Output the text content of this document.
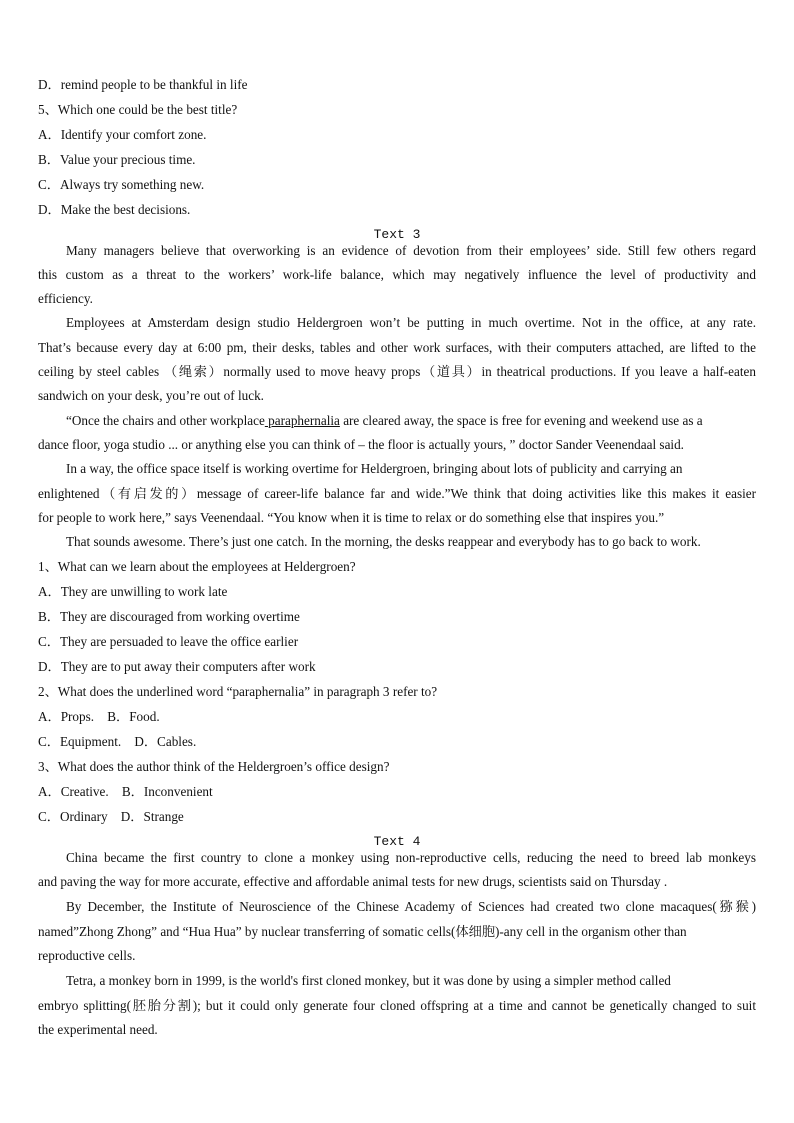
D．remind people to be thankful in life
5、Which one could be the best title?
A．Identify your comfort zone.
B．Value your precious time.
C．Always try something new.
D．Make the best decisions.
Text 3
Many managers believe that overworking is an evidence of devotion from their employees’ side. Still few others regard
this custom as a threat to the workers’ work-life balance, which may negatively influence the level of productivity and
efficiency.
Employees at Amsterdam design studio Heldergroen won’t be putting in much overtime. Not in the office, at any rate.
That’s because every day at 6:00 pm, their desks, tables and other work surfaces, with their computers attached, are lifted to the
ceiling by steel cables （绳索）normally used to move heavy props（道具）in theatrical productions. If you leave a half-eaten
sandwich on your desk, you’re out of luck.
“Once the chairs and other workplace paraphernalia are cleared away, the space is free for evening and weekend use as a
dance floor, yoga studio ... or anything else you can think of – the floor is actually yours, ” doctor Sander Veenendaal said.
In a way, the office space itself is working overtime for Heldergroen, bringing about lots of publicity and carrying an
enlightened（有启发的）message of career-life balance far and wide.”We think that doing activities like this makes it easier
for people to work here,” says Veenendaal. “You know when it is time to relax or do something else that inspires you.”
That sounds awesome. There’s just one catch. In the morning, the desks reappear and everybody has to go back to work.
1、What can we learn about the employees at Heldergroen?
A．They are unwilling to work late
B．They are discouraged from working overtime
C．They are persuaded to leave the office earlier
D．They are to put away their computers after work
2、What does the underlined word “paraphernalia” in paragraph 3 refer to?
A．Props.    B．Food.
C．Equipment.    D．Cables.
3、What does the author think of the Heldergroen’s office design?
A．Creative.    B．Inconvenient
C．Ordinary    D．Strange
Text 4
China became the first country to clone a monkey using non-reproductive cells, reducing the need to breed lab monkeys
and paving the way for more accurate, effective and affordable animal tests for new drugs, scientists said on Thursday .
By December, the Institute of Neuroscience of the Chinese Academy of Sciences had created two clone macaques(猕猴)
named”Zhong Zhong” and “Hua Hua” by nuclear transferring of somatic cells(体细胞)-any cell in the organism other than
reproductive cells.
Tetra, a monkey born in 1999, is the world's first cloned monkey, but it was done by using a simpler method called
embryo splitting(胚胎分割); but it could only generate four cloned offspring at a time and cannot be genetically changed to suit
the experimental need.
